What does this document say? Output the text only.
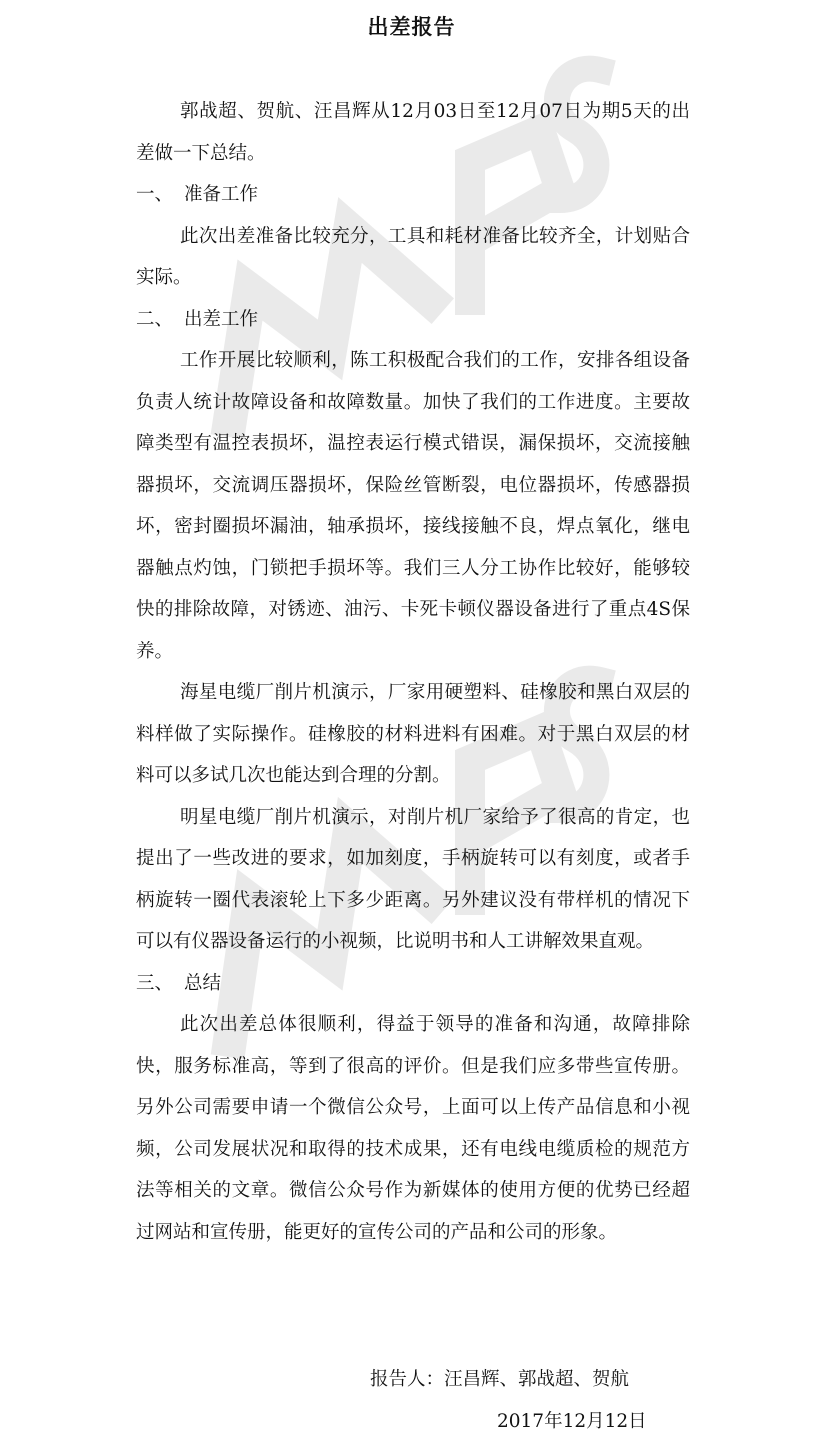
出差报告

郭战超、贺航、汪昌辉从12月03日至12月07日为期5天的出差做一下总结。

一、 准备工作

此次出差准备比较充分，工具和耗材准备比较齐全，计划贴合实际。

二、 出差工作

工作开展比较顺利，陈工积极配合我们的工作，安排各组设备负责人统计故障设备和故障数量。加快了我们的工作进度。主要故障类型有温控表损坏，温控表运行模式错误，漏保损坏，交流接触器损坏，交流调压器损坏，保险丝管断裂，电位器损坏，传感器损坏，密封圈损坏漏油，轴承损坏，接线接触不良，焊点氧化，继电器触点灼蚀，门锁把手损坏等。我们三人分工协作比较好，能够较快的排除故障，对锈迹、油污、卡死卡顿仪器设备进行了重点4S保养。

海星电缆厂削片机演示，厂家用硬塑料、硅橡胶和黑白双层的料样做了实际操作。硅橡胶的材料进料有困难。对于黑白双层的材料可以多试几次也能达到合理的分割。

明星电缆厂削片机演示，对削片机厂家给予了很高的肯定，也提出了一些改进的要求，如加刻度，手柄旋转可以有刻度，或者手柄旋转一圈代表滚轮上下多少距离。另外建议没有带样机的情况下可以有仪器设备运行的小视频，比说明书和人工讲解效果直观。

三、 总结

此次出差总体很顺利，得益于领导的准备和沟通，故障排除快，服务标准高，等到了很高的评价。但是我们应多带些宣传册。另外公司需要申请一个微信公众号，上面可以上传产品信息和小视频，公司发展状况和取得的技术成果，还有电线电缆质检的规范方法等相关的文章。微信公众号作为新媒体的使用方便的优势已经超过网站和宣传册，能更好的宣传公司的产品和公司的形象。

报告人：汪昌辉、郭战超、贺航
2017年12月12日
